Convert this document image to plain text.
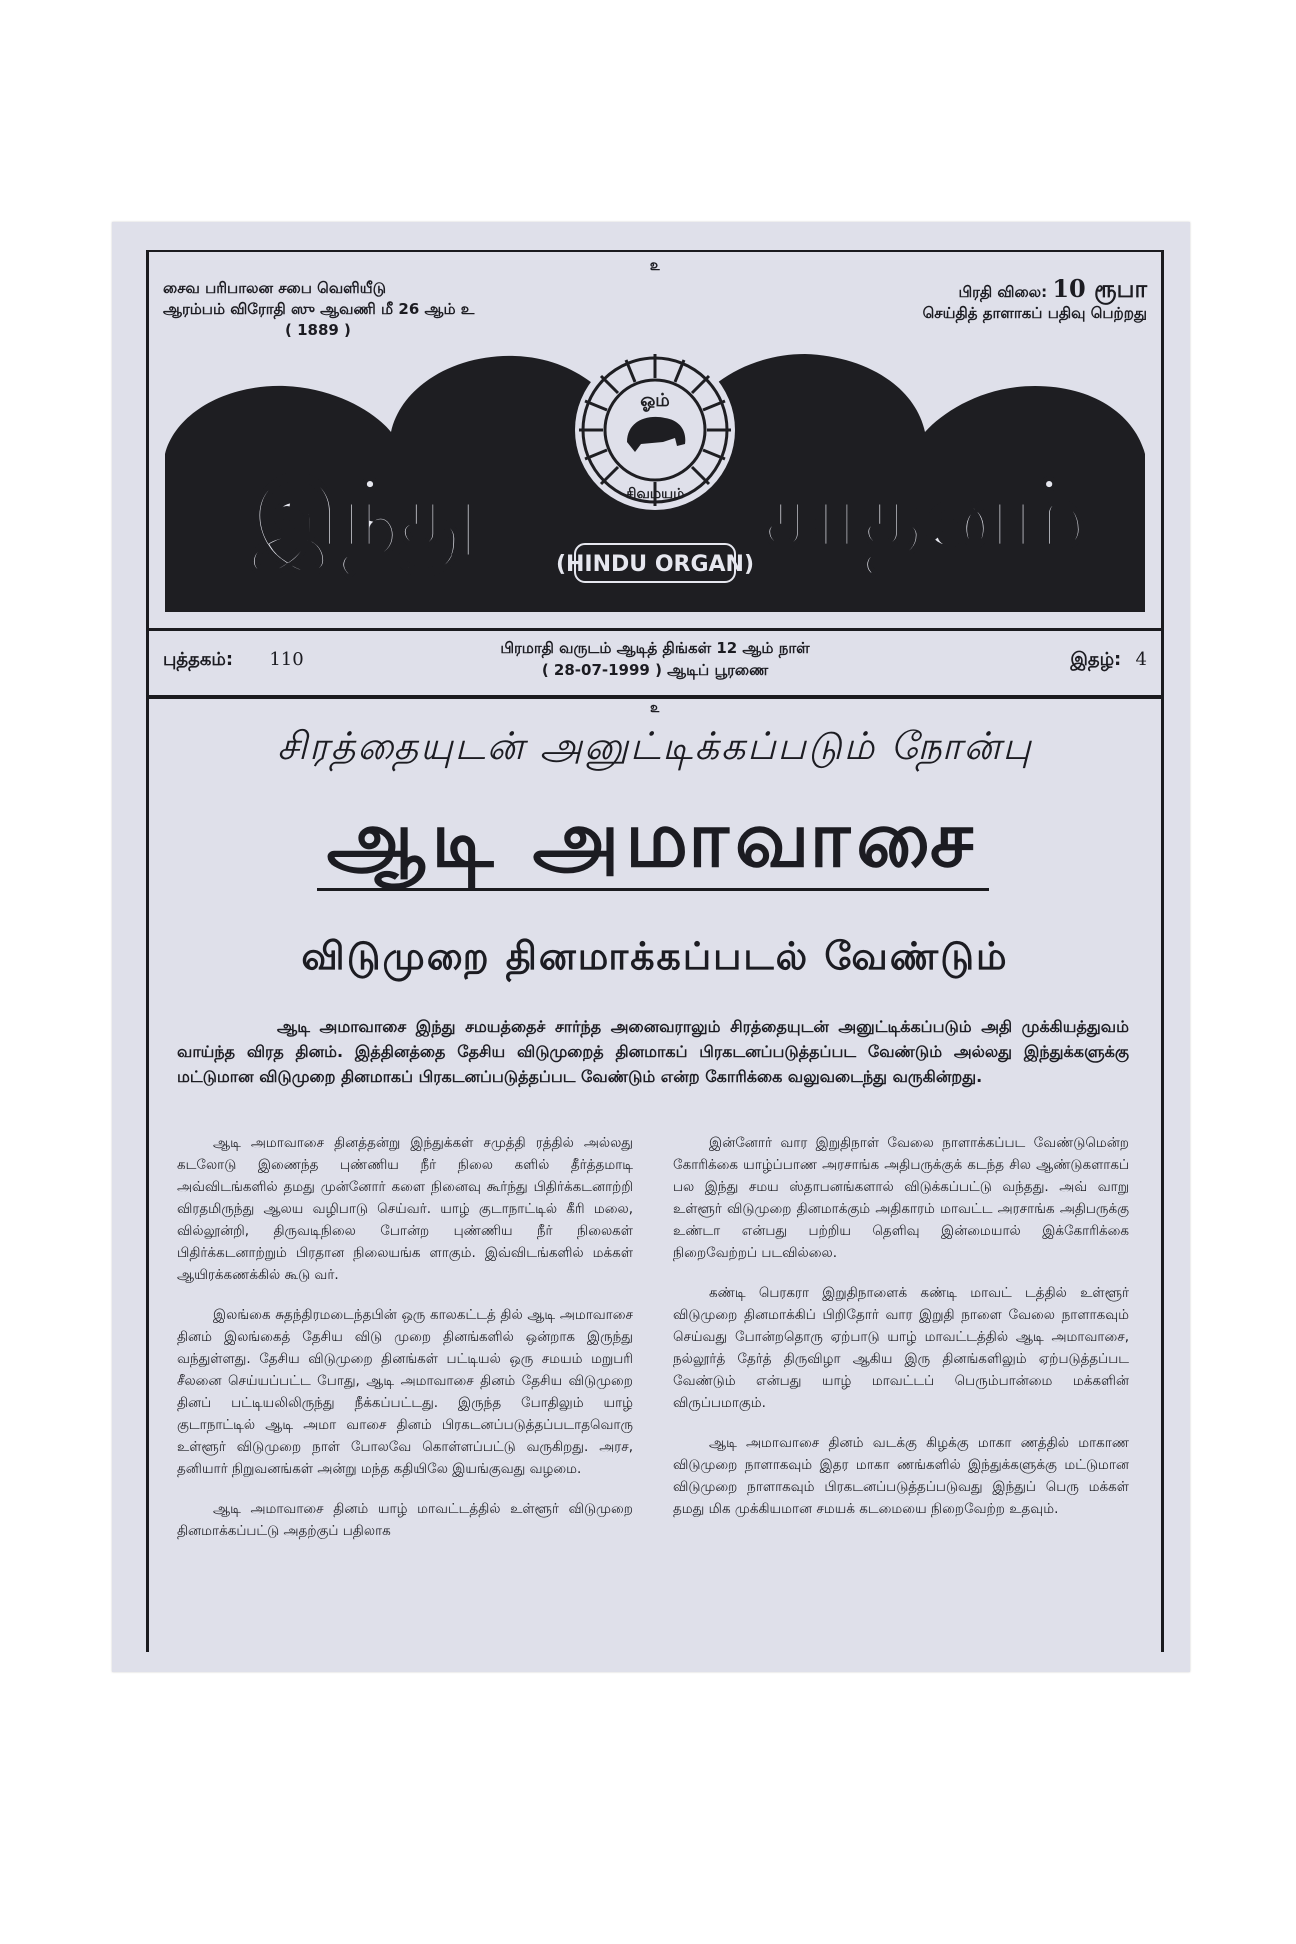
௨
சைவ பரிபாலன சபை வெளியீடு
ஆரம்பம் விரோதி ஸு ஆவணி மீ 26 ஆம் உ
( 1889 )
பிரதி விலை: 10 ரூபா
செய்தித் தாளாகப் பதிவு பெற்றது
ஓம்
சிவமயம்
இந்து	சாதனம்
(HINDU ORGAN)
புத்தகம்: 110
பிரமாதி வருடம் ஆடித் திங்கள் 12 ஆம் நாள்
( 28-07-1999 ) ஆடிப் பூரணை	இதழ்: 4
௨
சிரத்தையுடன் அனுட்டிக்கப்படும் நோன்பு
ஆடி அமாவாசை
விடுமுறை தினமாக்கப்படல் வேண்டும்
ஆடி அமாவாசை இந்து சமயத்தைச் சார்ந்த அனைவராலும் சிரத்தையுடன் அனுட்டிக்கப்படும் அதி முக்கியத்துவம் வாய்ந்த விரத தினம். இத்தினத்தை தேசிய விடுமுறைத் தினமாகப் பிரகடனப்படுத்தப்பட வேண்டும் அல்லது இந்துக்களுக்கு மட்டுமான விடுமுறை தினமாகப் பிரகடனப்படுத்தப்பட வேண்டும் என்ற கோரிக்கை வலுவடைந்து வருகின்றது.

ஆடி அமாவாசை தினத்தன்று இந்துக்கள் சமுத்தி ரத்தில் அல்லது கடலோடு இணைந்த புண்ணிய நீர் நிலை களில் தீர்த்தமாடி அவ்விடங்களில் தமது முன்னோர் களை நினைவு கூர்ந்து பிதிர்க்கடனாற்றி விரதமிருந்து ஆலய வழிபாடு செய்வர். யாழ் குடாநாட்டில் கீரி மலை, வில்லூன்றி, திருவடிநிலை போன்ற புண்ணிய நீர் நிலைகள் பிதிர்க்கடனாற்றும் பிரதான நிலையங்க ளாகும். இவ்விடங்களில் மக்கள் ஆயிரக்கணக்கில் கூடு வர்.

இலங்கை சுதந்திரமடைந்தபின் ஒரு காலகட்டத் தில் ஆடி அமாவாசை தினம் இலங்கைத் தேசிய விடு முறை தினங்களில் ஒன்றாக இருந்து வந்துள்ளது. தேசிய விடுமுறை தினங்கள் பட்டியல் ஒரு சமயம் மறுபரி சீலனை செய்யப்பட்ட போது, ஆடி அமாவாசை தினம் தேசிய விடுமுறை தினப் பட்டியலிலிருந்து நீக்கப்பட்டது. இருந்த போதிலும் யாழ் குடாநாட்டில் ஆடி அமா வாசை தினம் பிரகடனப்படுத்தப்படாதவொரு உள்ளூர் விடுமுறை நாள் போலவே கொள்ளப்பட்டு வருகிறது. அரச, தனியார் நிறுவனங்கள் அன்று மந்த கதியிலே இயங்குவது வழமை.

ஆடி அமாவாசை தினம் யாழ் மாவட்டத்தில் உள்ளூர் விடுமுறை தினமாக்கப்பட்டு அதற்குப் பதிலாக

இன்னோர் வார இறுதிநாள் வேலை நாளாக்கப்பட வேண்டுமென்ற கோரிக்கை யாழ்ப்பாண அரசாங்க அதிபருக்குக் கடந்த சில ஆண்டுகளாகப் பல இந்து சமய ஸ்தாபனங்களால் விடுக்கப்பட்டு வந்தது. அவ் வாறு உள்ளூர் விடுமுறை தினமாக்கும் அதிகாரம் மாவட்ட அரசாங்க அதிபருக்கு உண்டா என்பது பற்றிய தெளிவு இன்மையால் இக்கோரிக்கை நிறைவேற்றப் படவில்லை.

கண்டி பெரகரா இறுதிநாளைக் கண்டி மாவட் டத்தில் உள்ளூர் விடுமுறை தினமாக்கிப் பிறிதோர் வார இறுதி நாளை வேலை நாளாகவும் செய்வது போன்றதொரு ஏற்பாடு யாழ் மாவட்டத்தில் ஆடி அமாவாசை, நல்லூர்த் தேர்த் திருவிழா ஆகிய இரு தினங்களிலும் ஏற்படுத்தப்பட வேண்டும் என்பது யாழ் மாவட்டப் பெரும்பான்மை மக்களின் விருப்பமாகும்.

ஆடி அமாவாசை தினம் வடக்கு கிழக்கு மாகா ணத்தில் மாகாண விடுமுறை நாளாகவும் இதர மாகா ணங்களில் இந்துக்களுக்கு மட்டுமான விடுமுறை நாளாகவும் பிரகடனப்படுத்தப்படுவது இந்துப் பெரு மக்கள் தமது மிக முக்கியமான சமயக் கடமையை நிறைவேற்ற உதவும்.
